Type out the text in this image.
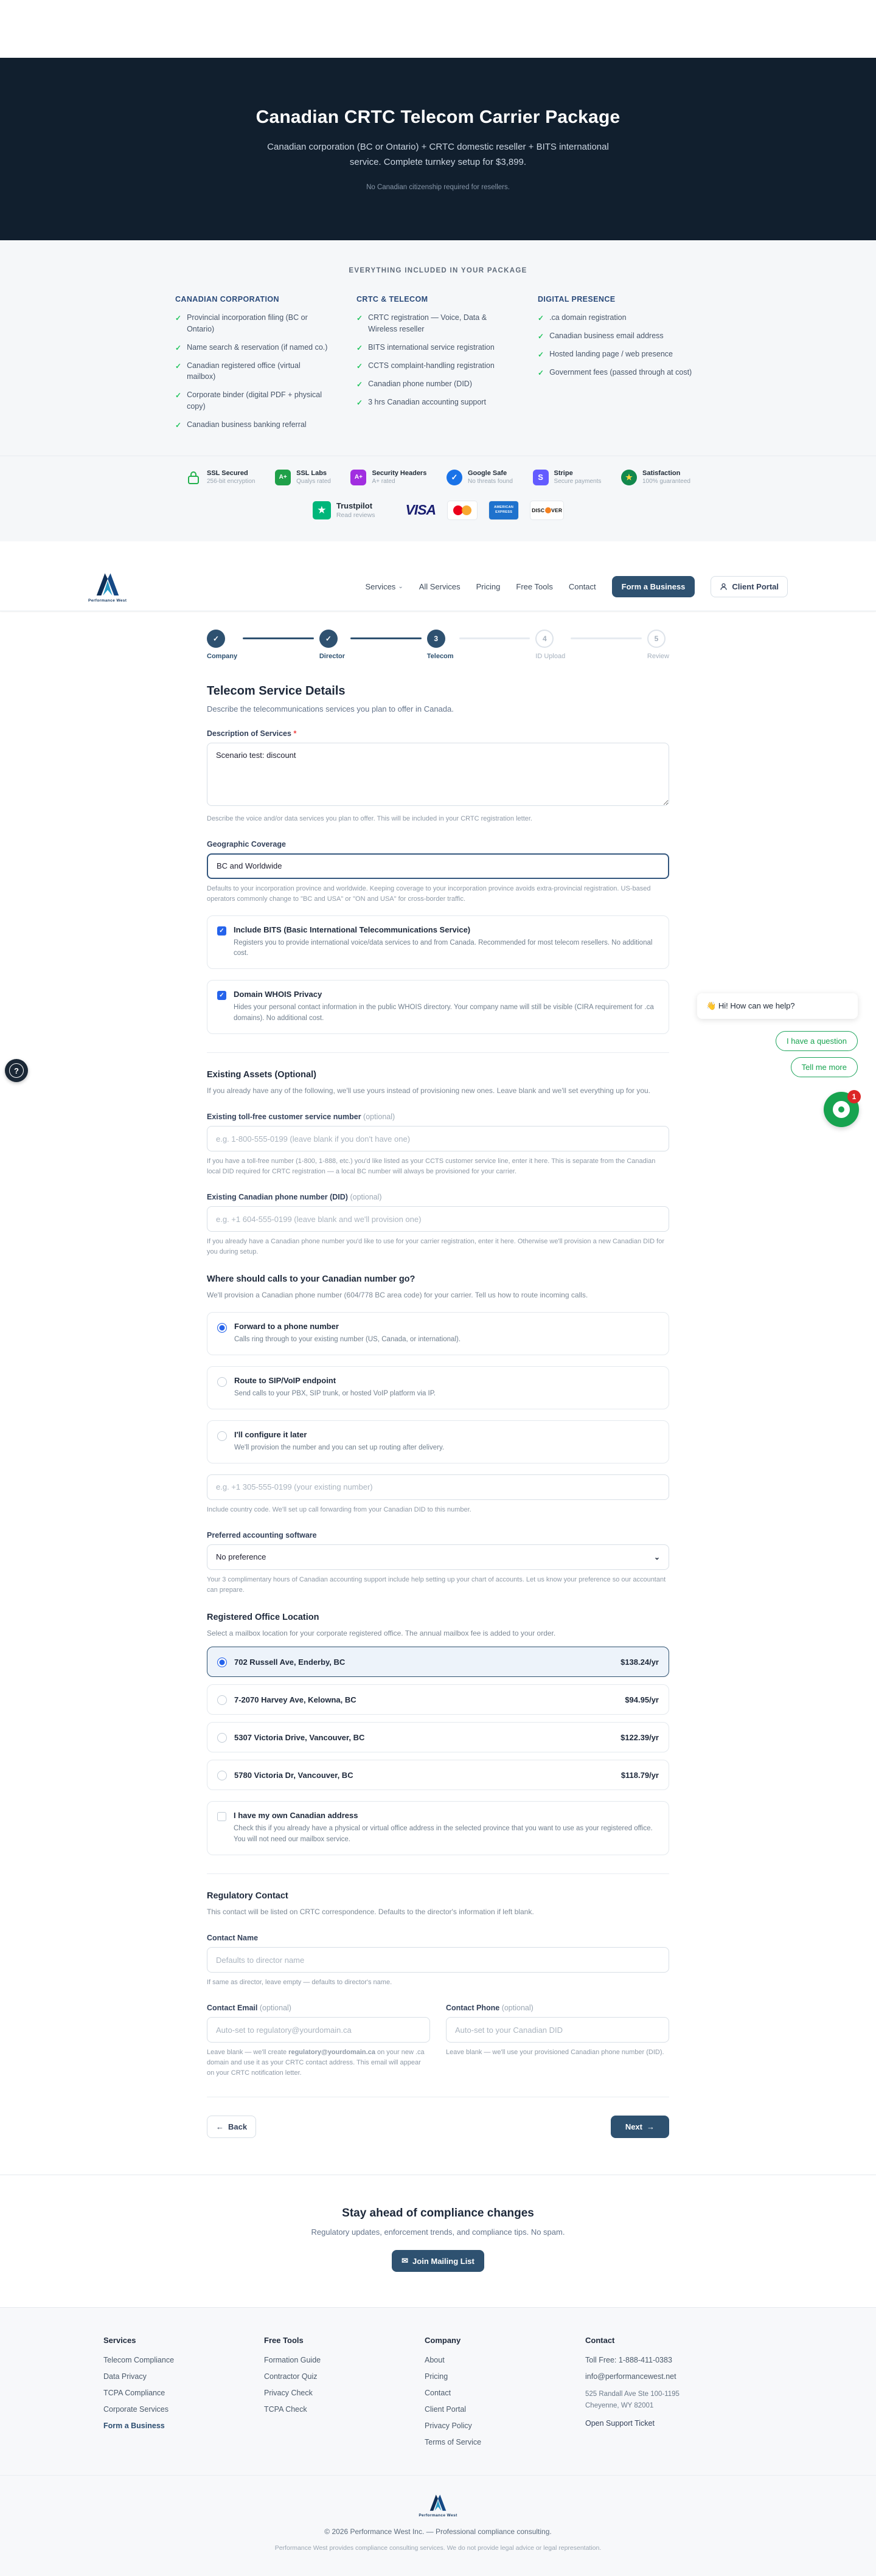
Canadian CRTC Telecom Carrier Package

Canadian corporation (BC or Ontario) + CRTC domestic reseller + BITS international service. Complete turnkey setup for $3,899.

No Canadian citizenship required for resellers.

EVERYTHING INCLUDED IN YOUR PACKAGE
CANADIAN CORPORATION
✓ Provincial incorporation filing (BC or Ontario)
✓ Name search & reservation (if named co.)
✓ Canadian registered office (virtual mailbox)
✓ Corporate binder (digital PDF + physical copy)
✓ Canadian business banking referral
CRTC & TELECOM
✓ CRTC registration — Voice, Data & Wireless reseller
✓ BITS international service registration
✓ CCTS complaint-handling registration
✓ Canadian phone number (DID)
✓ 3 hrs Canadian accounting support
DIGITAL PRESENCE
✓ .ca domain registration
✓ Canadian business email address
✓ Hosted landing page / web presence
✓ Government fees (passed through at cost)
SSL Secured
256-bit encryption
A+
SSL Labs
Qualys rated
A+
Security Headers
A+ rated	✓	Google Safe
No threats found	S	Stripe
Secure payments	★	Satisfaction
100% guaranteed
★	Trustpilot
Read reviews VISA	AMERICAN
EXPRESS	DISC VER
Performance West
Services ⌄ All Services Pricing Free Tools Contact	Form a Business	Client Portal
✓	✓	3	4	5
Company	Director	Telecom	ID Upload	Review
Telecom Service Details

Describe the telecommunications services you plan to offer in Canada.

Description of Services *
Scenario test: discount

Describe the voice and/or data services you plan to offer. This will be included in your CRTC registration letter.

Geographic Coverage
BC and Worldwide

Defaults to your incorporation province and worldwide. Keeping coverage to your incorporation province avoids extra-provincial registration. US-based operators commonly change to "BC and USA" or "ON and USA" for cross-border traffic.

✓ Include BITS (Basic International Telecommunications Service)
Registers you to provide international voice/data services to and from Canada. Recommended for most telecom resellers. No additional cost.
✓ Domain WHOIS Privacy
Hides your personal contact information in the public WHOIS directory. Your company name will still be visible (CIRA requirement for .ca domains). No additional cost.
Existing Assets (Optional)

If you already have any of the following, we'll use yours instead of provisioning new ones. Leave blank and we'll set everything up for you.

Existing toll-free customer service number (optional)
e.g. 1-800-555-0199 (leave blank if you don't have one)

If you have a toll-free number (1-800, 1-888, etc.) you'd like listed as your CCTS customer service line, enter it here. This is separate from the Canadian local DID required for CRTC registration — a local BC number will always be provisioned for your carrier.

Existing Canadian phone number (DID) (optional)
e.g. +1 604-555-0199 (leave blank and we'll provision one)

If you already have a Canadian phone number you'd like to use for your carrier registration, enter it here. Otherwise we'll provision a new Canadian DID for you during setup.

Where should calls to your Canadian number go?

We'll provision a Canadian phone number (604/778 BC area code) for your carrier. Tell us how to route incoming calls.

Forward to a phone number
Calls ring through to your existing number (US, Canada, or international).
Route to SIP/VoIP endpoint
Send calls to your PBX, SIP trunk, or hosted VoIP platform via IP.
I'll configure it later
We'll provision the number and you can set up routing after delivery.
e.g. +1 305-555-0199 (your existing number)

Include country code. We'll set up call forwarding from your Canadian DID to this number.

Preferred accounting software
No preference	⌄

Your 3 complimentary hours of Canadian accounting support include help setting up your chart of accounts. Let us know your preference so our accountant can prepare.

Registered Office Location

Select a mailbox location for your corporate registered office. The annual mailbox fee is added to your order.

702 Russell Ave, Enderby, BC	$138.24/yr
7-2070 Harvey Ave, Kelowna, BC	$94.95/yr
5307 Victoria Drive, Vancouver, BC	$122.39/yr
5780 Victoria Dr, Vancouver, BC	$118.79/yr
I have my own Canadian address
Check this if you already have a physical or virtual office address in the selected province that you want to use as your registered office. You will not need our mailbox service.
Regulatory Contact

This contact will be listed on CRTC correspondence. Defaults to the director's information if left blank.

Contact Name
Defaults to director name

If same as director, leave empty — defaults to director's name.

Contact Email (optional)
Auto-set to regulatory@yourdomain.ca

Leave blank — we'll create regulatory@yourdomain.ca on your new .ca domain and use it as your CRTC contact address. This email will appear on your CRTC notification letter.

Contact Phone (optional)
Auto-set to your Canadian DID

Leave blank — we'll use your provisioned Canadian phone number (DID).

← Back	Next →
Stay ahead of compliance changes

Regulatory updates, enforcement trends, and compliance tips. No spam.

✉ Join Mailing List
Services
Telecom Compliance
Data Privacy
TCPA Compliance
Corporate Services
Form a Business
Free Tools
Formation Guide
Contractor Quiz
Privacy Check
TCPA Check
Company
About
Pricing
Contact
Client Portal
Privacy Policy
Terms of Service
Contact
Toll Free: 1-888-411-0383
info@performancewest.net
525 Randall Ave Ste 100-1195
Cheyenne, WY 82001
Open Support Ticket
Performance West
© 2026 Performance West Inc. — Professional compliance consulting.
Performance West provides compliance consulting services. We do not provide legal advice or legal representation.
👋 Hi! How can we help?
I have a question
Tell me more
1
?
